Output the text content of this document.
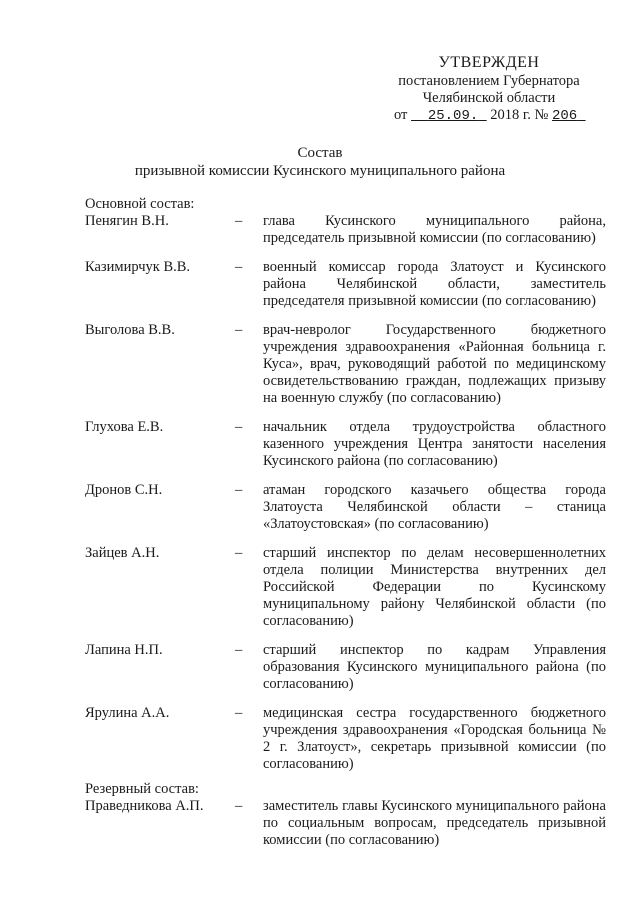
УТВЕРЖДЕН
постановлением Губернатора
Челябинской области
от 25.09. 2018 г. № 206
Состав
призывной комиссии Кусинского муниципального района
Основной состав:
Пенягин В.Н.	–	глава Кусинского муниципального района, председатель призывной комиссии (по согласованию)
Казимирчук В.В.	–	военный комиссар города Златоуст и Кусинского района Челябинской области, заместитель председателя призывной комиссии (по согласованию)
Выголова В.В.	–	врач-невролог Государственного бюджетного учреждения здравоохранения «Районная больница г. Куса», врач, руководящий работой по медицинскому освидетельствованию граждан, подлежащих призыву на военную службу (по согласованию)
Глухова Е.В.	–	начальник отдела трудоустройства областного казенного учреждения Центра занятости населения Кусинского района (по согласованию)
Дронов С.Н.	–	атаман городского казачьего общества города Златоуста Челябинской области – станица «Златоустовская» (по согласованию)
Зайцев А.Н.	–	старший инспектор по делам несовершеннолетних отдела полиции Министерства внутренних дел Российской Федерации по Кусинскому муниципальному району Челябинской области (по согласованию)
Лапина Н.П.	–	старший инспектор по кадрам Управления образования Кусинского муниципального района (по согласованию)
Ярулина А.А.	–	медицинская сестра государственного бюджетного учреждения здравоохранения «Городская больница № 2 г. Златоуст», секретарь призывной комиссии (по согласованию)
Резервный состав:
Праведникова А.П.	–	заместитель главы Кусинского муниципального района по социальным вопросам, председатель призывной комиссии (по согласованию)
